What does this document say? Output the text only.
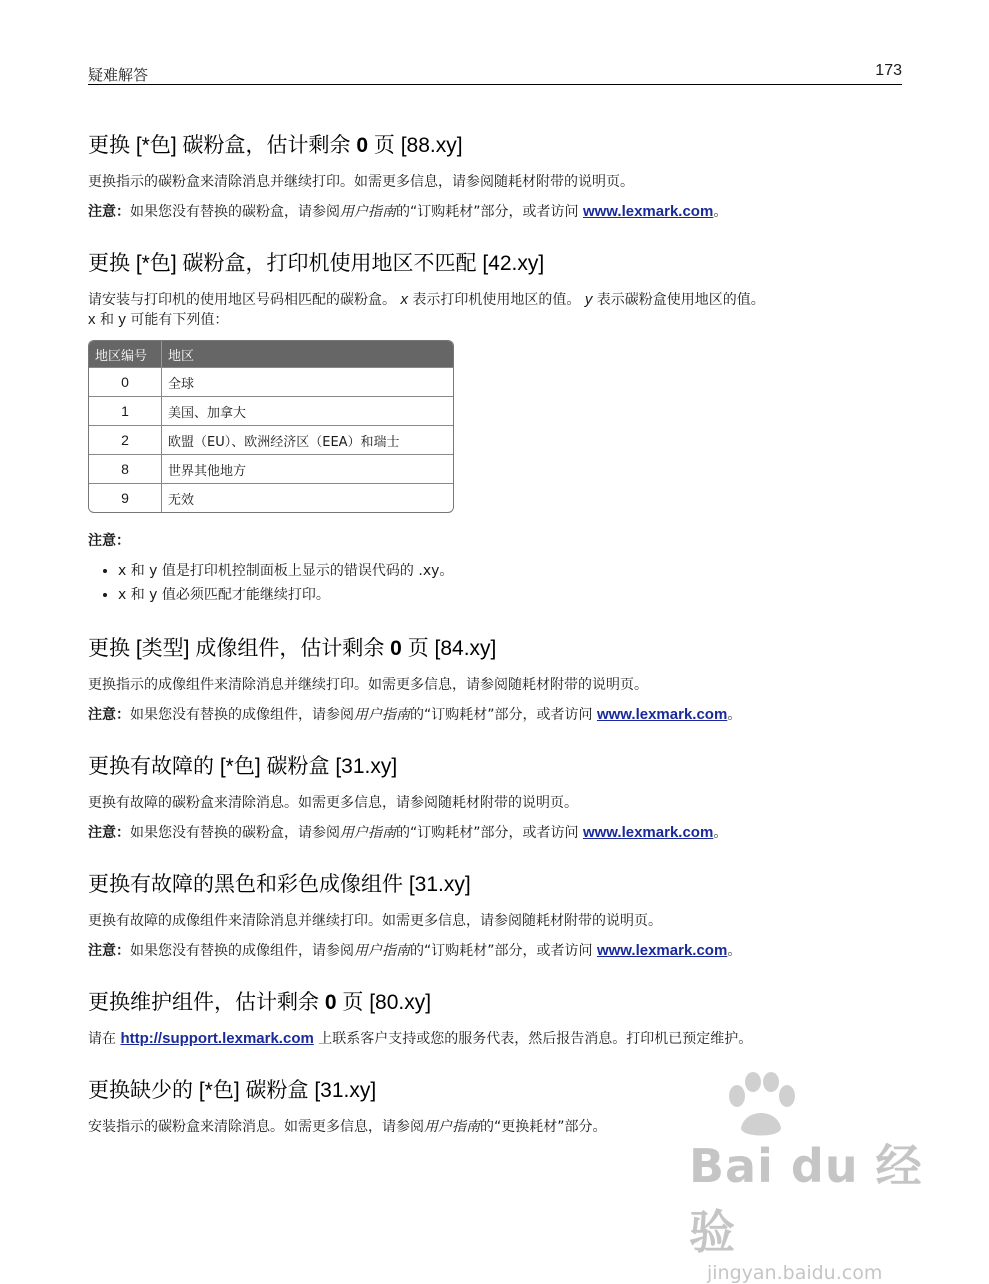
疑难解答	173
更换 [*色] 碳粉盒，估计剩余 0 页 [88.xy]

更换指示的碳粉盒来清除消息并继续打印。如需更多信息，请参阅随耗材附带的说明页。

注意：如果您没有替换的碳粉盒，请参阅用户指南的“订购耗材”部分，或者访问 www.lexmark.com。

更换 [*色] 碳粉盒，打印机使用地区不匹配 [42.xy]

请安装与打印机的使用地区号码相匹配的碳粉盒。 x 表示打印机使用地区的值。 y 表示碳粉盒使用地区的值。
x 和 y 可能有下列值：

地区编号	地区
0	全球
1	美国、加拿大
2	欧盟（EU）、欧洲经济区（EEA）和瑞士
8	世界其他地方
9	无效

注意：

• x 和 y 值是打印机控制面板上显示的错误代码的 .xy。
• x 和 y 值必须匹配才能继续打印。
更换 [类型] 成像组件，估计剩余 0 页 [84.xy]

更换指示的成像组件来清除消息并继续打印。如需更多信息，请参阅随耗材附带的说明页。

注意：如果您没有替换的成像组件，请参阅用户指南的“订购耗材”部分，或者访问 www.lexmark.com。

更换有故障的 [*色] 碳粉盒 [31.xy]

更换有故障的碳粉盒来清除消息。如需更多信息，请参阅随耗材附带的说明页。

注意：如果您没有替换的碳粉盒，请参阅用户指南的“订购耗材”部分，或者访问 www.lexmark.com。

更换有故障的黑色和彩色成像组件 [31.xy]

更换有故障的成像组件来清除消息并继续打印。如需更多信息，请参阅随耗材附带的说明页。

注意：如果您没有替换的成像组件，请参阅用户指南的“订购耗材”部分，或者访问 www.lexmark.com。

更换维护组件，估计剩余 0 页 [80.xy]

请在 http://support.lexmark.com 上联系客户支持或您的服务代表，然后报告消息。打印机已预定维护。

更换缺少的 [*色] 碳粉盒 [31.xy]

安装指示的碳粉盒来清除消息。如需更多信息，请参阅用户指南的“更换耗材”部分。

Bai du 经验
jingyan.baidu.com
